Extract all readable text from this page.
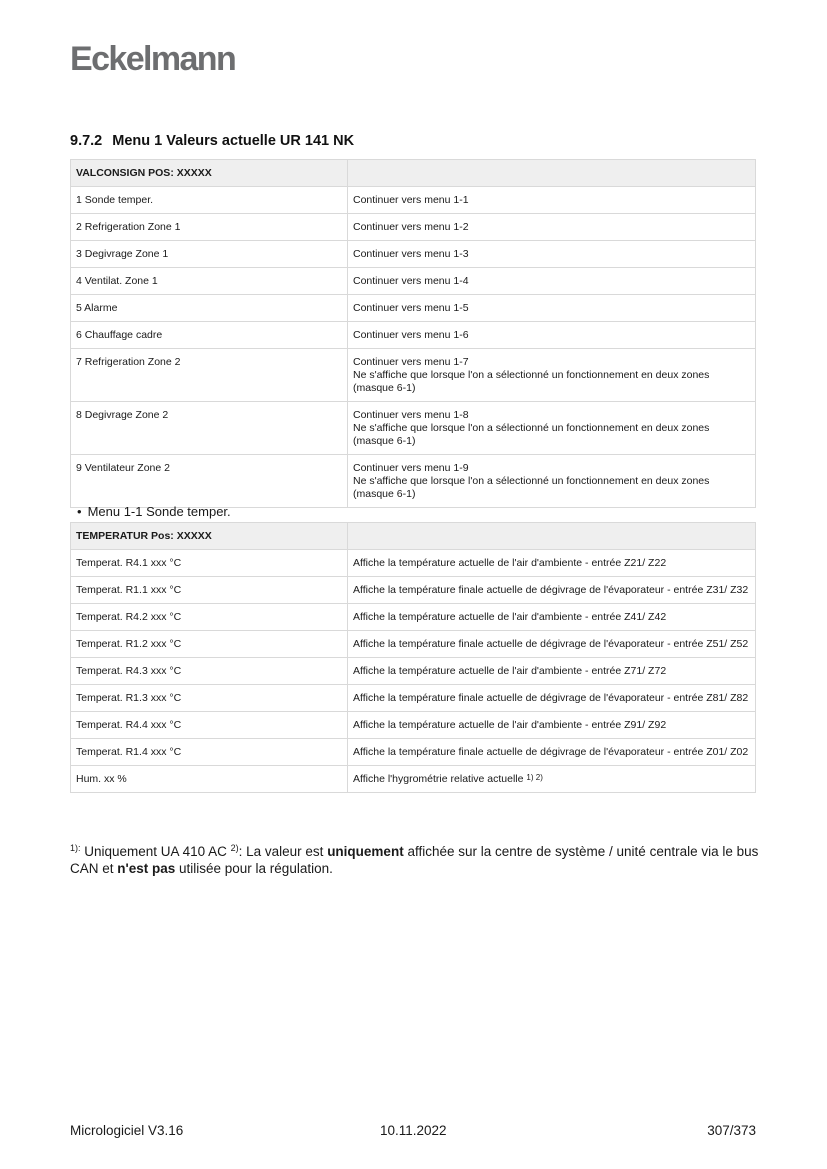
Eckelmann
9.7.2 Menu 1 Valeurs actuelle UR 141 NK
VALCONSIGN POS: XXXXX	
1 Sonde temper.	Continuer vers menu 1-1

2 Refrigeration Zone 1	Continuer vers menu 1-2

3 Degivrage Zone 1	Continuer vers menu 1-3

4 Ventilat. Zone 1	Continuer vers menu 1-4

5 Alarme	Continuer vers menu 1-5

6 Chauffage cadre	Continuer vers menu 1-6

7 Refrigeration Zone 2	Continuer vers menu 1-7
Ne s'affiche que lorsque l'on a sélectionné un fonctionnement en deux zones (masque 6-1)

8 Degivrage Zone 2	Continuer vers menu 1-8
Ne s'affiche que lorsque l'on a sélectionné un fonctionnement en deux zones (masque 6-1)

9 Ventilateur Zone 2	Continuer vers menu 1-9
Ne s'affiche que lorsque l'on a sélectionné un fonctionnement en deux zones (masque 6-1)
• Menu 1-1 Sonde temper.
TEMPERATUR Pos: XXXXX	
Temperat. R4.1 xxx °C	Affiche la température actuelle de l'air d'ambiente - entrée Z21/ Z22
Temperat. R1.1 xxx °C	Affiche la température finale actuelle de dégivrage de l'évaporateur - entrée Z31/ Z32
Temperat. R4.2 xxx °C	Affiche la température actuelle de l'air d'ambiente - entrée Z41/ Z42
Temperat. R1.2 xxx °C	Affiche la température finale actuelle de dégivrage de l'évaporateur - entrée Z51/ Z52
Temperat. R4.3 xxx °C	Affiche la température actuelle de l'air d'ambiente - entrée Z71/ Z72
Temperat. R1.3 xxx °C	Affiche la température finale actuelle de dégivrage de l'évaporateur - entrée Z81/ Z82
Temperat. R4.4 xxx °C	Affiche la température actuelle de l'air d'ambiente - entrée Z91/ Z92
Temperat. R1.4 xxx °C	Affiche la température finale actuelle de dégivrage de l'évaporateur - entrée Z01/ Z02
Hum. xx %	Affiche l'hygrométrie relative actuelle $^{1) 2)}$
$^{1):}$ Uniquement UA 410 AC $^{2)}$: La valeur est uniquement affichée sur la centre de système / unité centrale via le bus CAN et n'est pas utilisée pour la régulation.
Micrologiciel V3.16	10.11.2022	307/373
